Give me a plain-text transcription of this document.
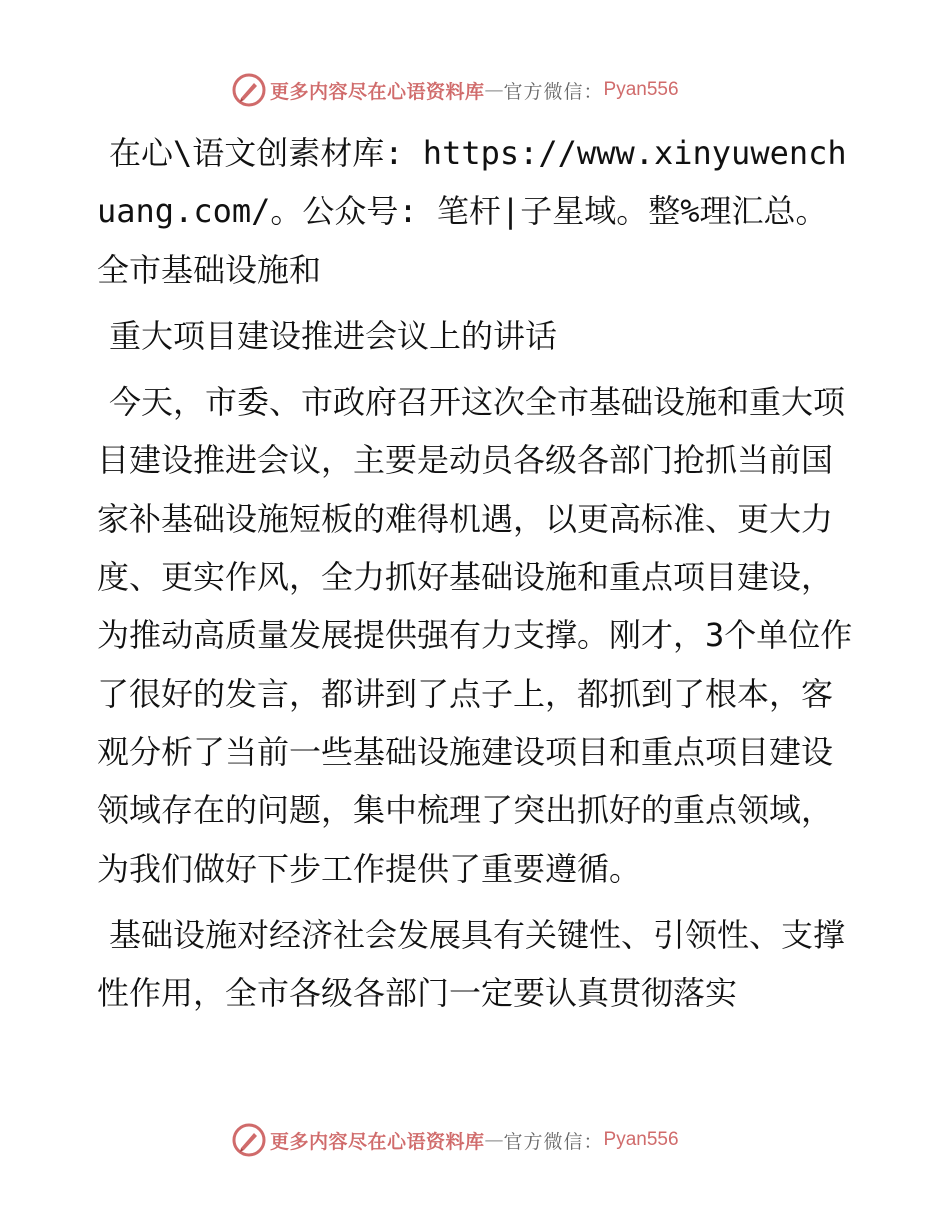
更多内容尽在心语资料库 — 官方微信： Pyan556

在心\语文创素材库: https://www.xinyuwenchuang.com/。公众号: 笔杆|子星域。整%理汇总。全市基础设施和

重大项目建设推进会议上的讲话

今天，市委、市政府召开这次全市基础设施和重大项目建设推进会议，主要是动员各级各部门抢抓当前国家补基础设施短板的难得机遇，以更高标准、更大力度、更实作风，全力抓好基础设施和重点项目建设，为推动高质量发展提供强有力支撑。刚才，3个单位作了很好的发言，都讲到了点子上，都抓到了根本，客观分析了当前一些基础设施建设项目和重点项目建设领域存在的问题，集中梳理了突出抓好的重点领域，为我们做好下步工作提供了重要遵循。

基础设施对经济社会发展具有关键性、引领性、支撑性作用，全市各级各部门一定要认真贯彻落实

更多内容尽在心语资料库 — 官方微信： Pyan556
